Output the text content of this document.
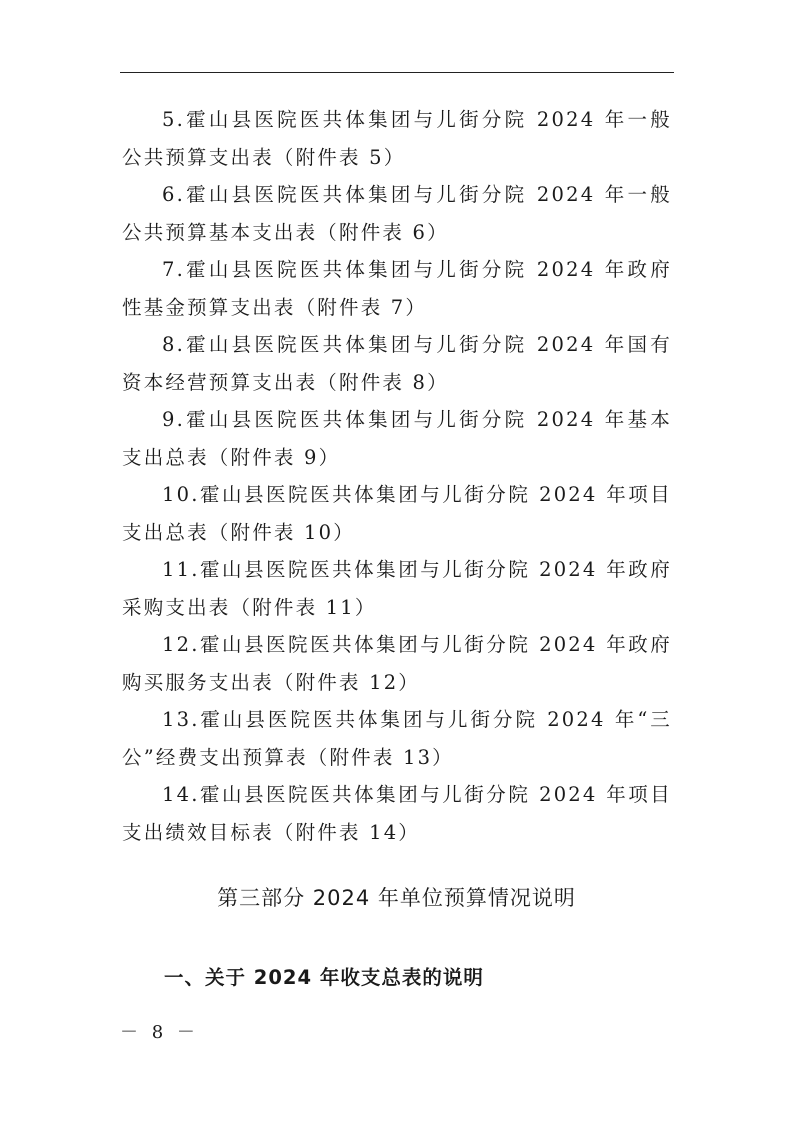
5.霍山县医院医共体集团与儿街分院 2024 年一般公共预算支出表（附件表 5）
6.霍山县医院医共体集团与儿街分院 2024 年一般公共预算基本支出表（附件表 6）
7.霍山县医院医共体集团与儿街分院 2024 年政府性基金预算支出表（附件表 7）
8.霍山县医院医共体集团与儿街分院 2024 年国有资本经营预算支出表（附件表 8）
9.霍山县医院医共体集团与儿街分院 2024 年基本支出总表（附件表 9）
10.霍山县医院医共体集团与儿街分院 2024 年项目支出总表（附件表 10）
11.霍山县医院医共体集团与儿街分院 2024 年政府采购支出表（附件表 11）
12.霍山县医院医共体集团与儿街分院 2024 年政府购买服务支出表（附件表 12）
13.霍山县医院医共体集团与儿街分院 2024 年“三公”经费支出预算表（附件表 13）
14.霍山县医院医共体集团与儿街分院 2024 年项目支出绩效目标表（附件表 14）
第三部分 2024 年单位预算情况说明
一、关于 2024 年收支总表的说明
－ 8 －
